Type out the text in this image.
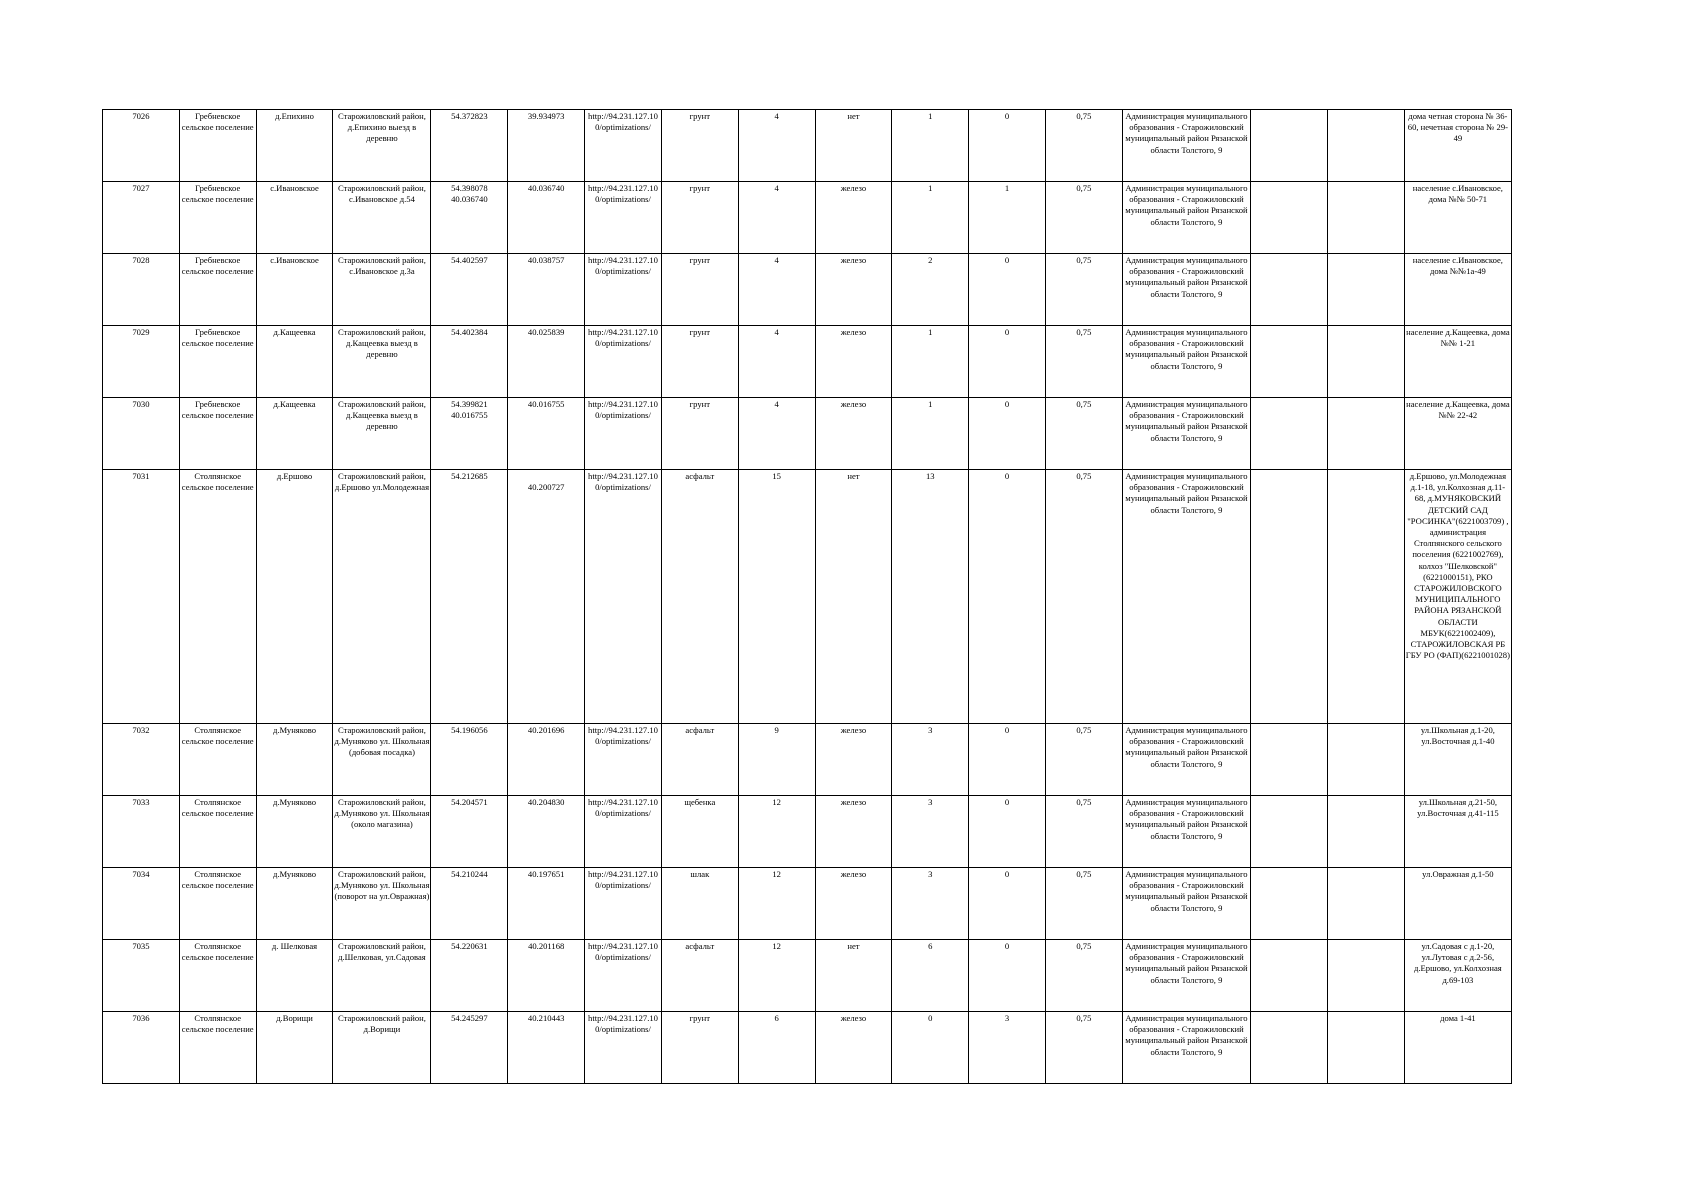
7026	Гребневское сельское поселение	д.Епихино	Старожиловский район, д.Епихино выезд в деревню	54.372823	39.934973	http://94.231.127.100/optimizations/	грунт	4	нет	1	0	0,75	Администрация муниципального образования - Старожиловский муниципальный район Рязанской области Толстого, 9			дома четная сторона № 36-60, нечетная сторона № 29-49
7027	Гребневское сельское поселение	с.Ивановское	Старожиловский район, с.Ивановское д.54	54.398078 40.036740	40.036740	http://94.231.127.100/optimizations/	грунт	4	железо	1	1	0,75	Администрация муниципального образования - Старожиловский муниципальный район Рязанской области Толстого, 9			население с.Ивановское, дома №№ 50-71
7028	Гребневское сельское поселение	с.Ивановское	Старожиловский район, с.Ивановское д.3а	54.402597	40.038757	http://94.231.127.100/optimizations/	грунт	4	железо	2	0	0,75	Администрация муниципального образования - Старожиловский муниципальный район Рязанской области Толстого, 9			население с.Ивановское, дома №№1а-49
7029	Гребневское сельское поселение	д.Кащеевка	Старожиловский район, д.Кащеевка выезд в деревню	54.402384	40.025839	http://94.231.127.100/optimizations/	грунт	4	железо	1	0	0,75	Администрация муниципального образования - Старожиловский муниципальный район Рязанской области Толстого, 9			население д.Кащеевка, дома №№ 1-21
7030	Гребневское сельское поселение	д.Кащеевка	Старожиловский район, д.Кащеевка выезд в деревню	54.399821 40.016755	40.016755	http://94.231.127.100/optimizations/	грунт	4	железо	1	0	0,75	Администрация муниципального образования - Старожиловский муниципальный район Рязанской области Толстого, 9			население д.Кащеевка, дома №№ 22-42
7031	Столпянское сельское поселение	д.Ершово	Старожиловский район, д.Ершово ул.Молодежная	54.212685	40.200727	http://94.231.127.100/optimizations/	асфальт	15	нет	13	0	0,75	Администрация муниципального образования - Старожиловский муниципальный район Рязанской области Толстого, 9			д.Ершово, ул.Молодежная д.1-18, ул.Колхозная д.11-68, д.МУНЯКОВСКИЙ ДЕТСКИЙ САД "РОСИНКА"(6221003709) , администрация Столпянского сельского поселения (6221002769), колхоз "Шелковской"(6221000151), РКО СТАРОЖИЛОВСКОГО МУНИЦИПАЛЬНОГО РАЙОНА РЯЗАНСКОЙ ОБЛАСТИ МБУК(6221002409), СТАРОЖИЛОВСКАЯ РБ ГБУ РО (ФАП)(6221001028)
7032	Столпянское сельское поселение	д.Муняково	Старожиловский район, д.Муняково ул. Школьная (добовая посадка)	54.196056	40.201696	http://94.231.127.100/optimizations/	асфальт	9	железо	3	0	0,75	Администрация муниципального образования - Старожиловский муниципальный район Рязанской области Толстого, 9			ул.Школьная д.1-20, ул.Восточная д.1-40
7033	Столпянское сельское поселение	д.Муняково	Старожиловский район, д.Муняково ул. Школьная (около магазина)	54.204571	40.204830	http://94.231.127.100/optimizations/	щебенка	12	железо	3	0	0,75	Администрация муниципального образования - Старожиловский муниципальный район Рязанской области Толстого, 9			ул.Школьная д.21-50, ул.Восточная д.41-115
7034	Столпянское сельское поселение	д.Муняково	Старожиловский район, д.Муняково ул. Школьная (поворот на ул.Овражная)	54.210244	40.197651	http://94.231.127.100/optimizations/	шлак	12	железо	3	0	0,75	Администрация муниципального образования - Старожиловский муниципальный район Рязанской области Толстого, 9			ул.Овражная д.1-50
7035	Столпянское сельское поселение	д. Шелковая	Старожиловский район, д.Шелковая, ул.Садовая	54.220631	40.201168	http://94.231.127.100/optimizations/	асфальт	12	нет	6	0	0,75	Администрация муниципального образования - Старожиловский муниципальный район Рязанской области Толстого, 9			ул.Садовая с д.1-20, ул.Лутовая с д.2-56, д.Ершово, ул.Колхозная д.69-103
7036	Столпянское сельское поселение	д.Ворищи	Старожиловский район, д.Ворищи	54.245297	40.210443	http://94.231.127.100/optimizations/	грунт	6	железо	0	3	0,75	Администрация муниципального образования - Старожиловский муниципальный район Рязанской области Толстого, 9			дома 1-41
